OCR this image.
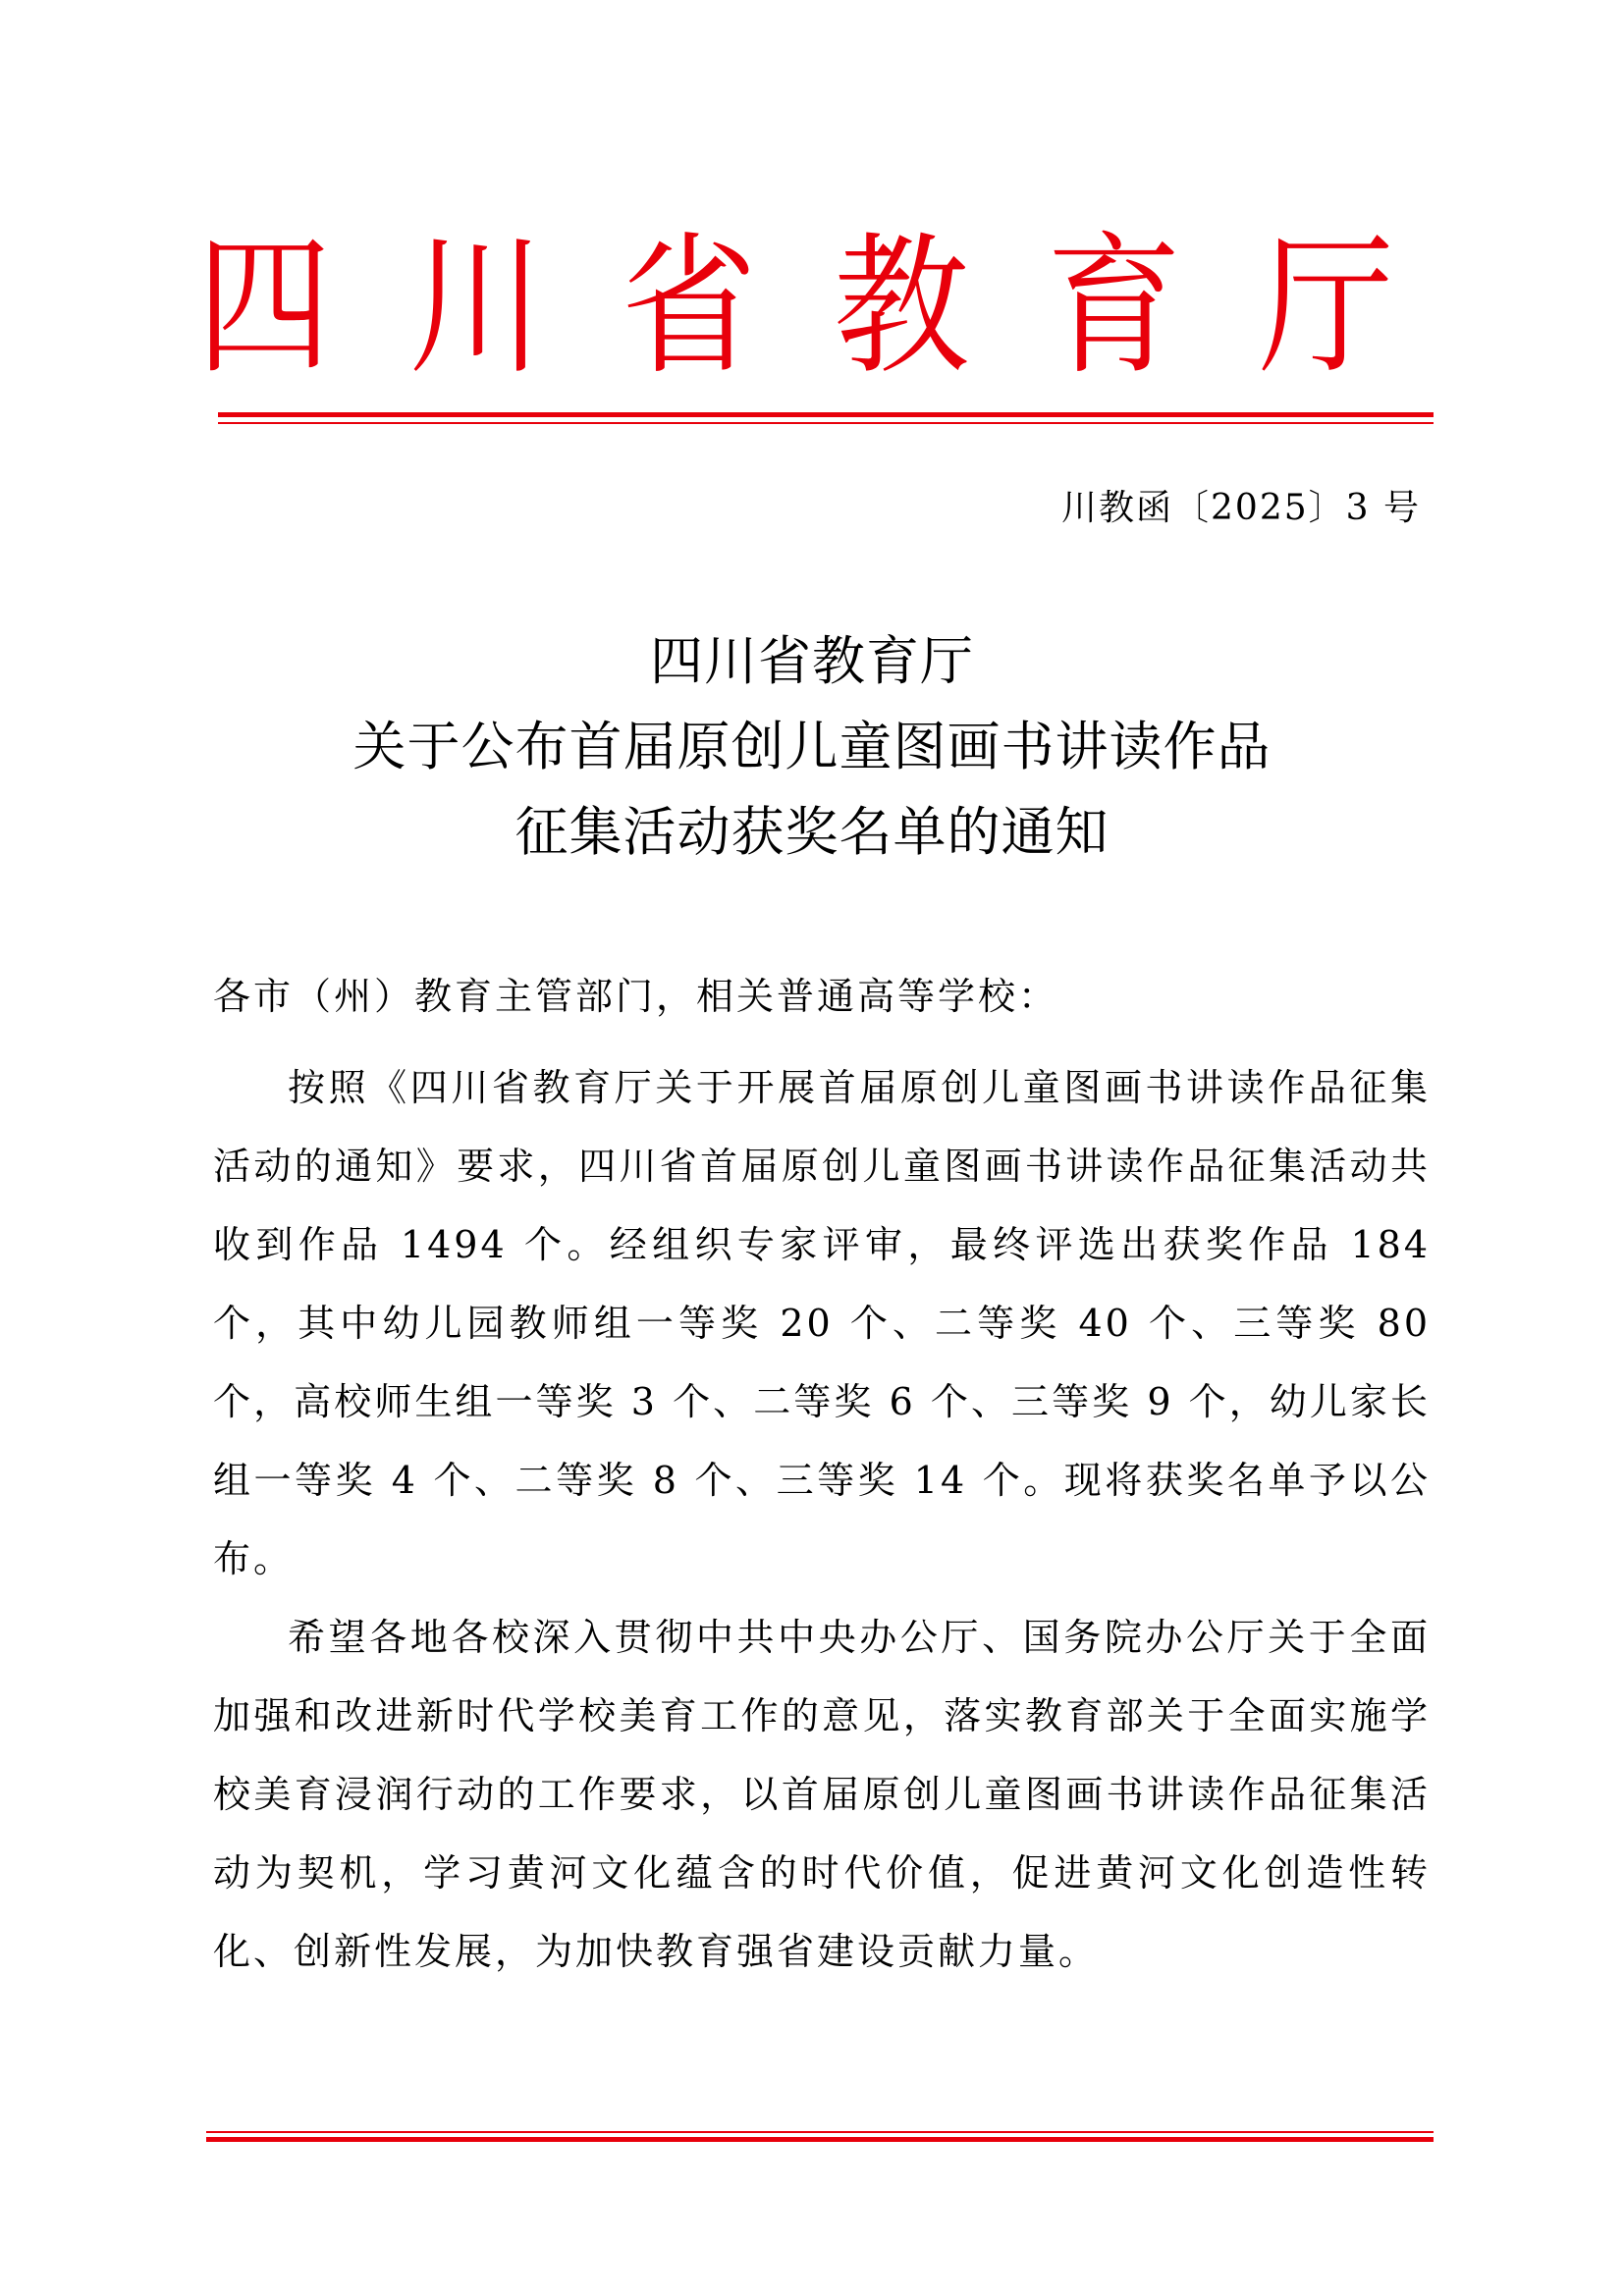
四 川 省 教 育 厅
川教函〔2025〕3 号
四川省教育厅
关于公布首届原创儿童图画书讲读作品
征集活动获奖名单的通知
各市（州）教育主管部门，相关普通高等学校：

按照《四川省教育厅关于开展首届原创儿童图画书讲读作品征集活动的通知》要求，四川省首届原创儿童图画书讲读作品征集活动共收到作品 1494 个。经组织专家评审，最终评选出获奖作品 184 个，其中幼儿园教师组一等奖 20 个、二等奖 40 个、三等奖 80 个，高校师生组一等奖 3 个、二等奖 6 个、三等奖 9 个，幼儿家长组一等奖 4 个、二等奖 8 个、三等奖 14 个。现将获奖名单予以公布。

希望各地各校深入贯彻中共中央办公厅、国务院办公厅关于全面加强和改进新时代学校美育工作的意见，落实教育部关于全面实施学校美育浸润行动的工作要求，以首届原创儿童图画书讲读作品征集活动为契机，学习黄河文化蕴含的时代价值，促进黄河文化创造性转化、创新性发展，为加快教育强省建设贡献力量。
